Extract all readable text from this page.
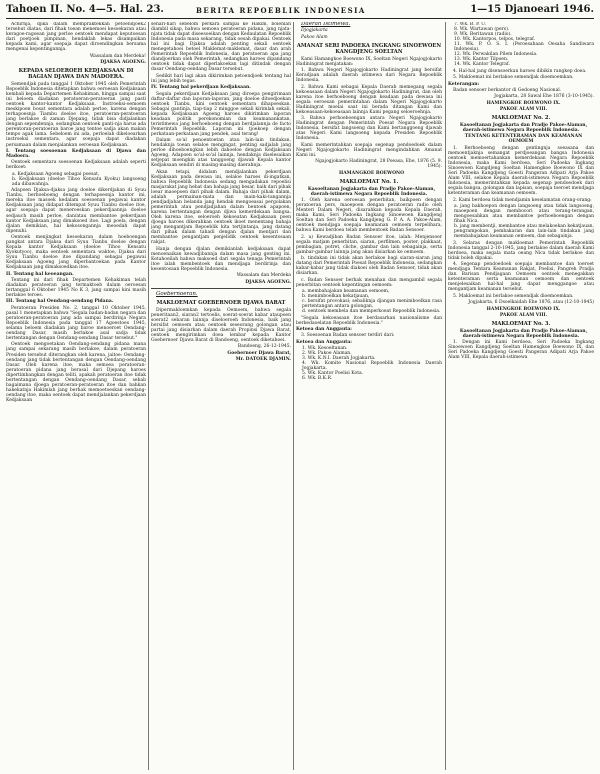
Tahoen II. No. 4—5. Hal. 23.	BERITA REPOEBLIK INDONESIA	1—15 Djanoeari 1946.

Achirnja, djika dalam mempraktekkan petoendjoek2 tersebut diatas, dari fihak toean menemoei kesoekaran atau keragoe-ragoean jang perloe oentoek mendapat keputoesan dari poetjoek pimpinan, hendaklah lekas disampaikan kepada kami, agar soepaja dapat diroendingkan bersama mengenai kepentingannja.

Wassalam dan Merdeka!

DJAKSA AGOENG.

KEPADA SELOEROEH KEDJAKSAAN DI BAGIAN DJAWA DAN MADOERA.

Semendjak pada tanggal 1 Oktober 1945 oleh Pemerintah Repoeblik Indonesia ditetapkan bahwa oeroesan Kedjaksaan kembali kepada Departemen Kehakiman, hingga sampai saat ini beloem diadakan peratoeran-peratoeran jang pasti oentoek kantor-kantor Kedjaksaan. Instroeksi-oemoem meskipoen bosat sementara adalah perloe, karena dengan terhapoesnja Tiambu doeloe itoe, peratoeran-peratoeran jang berlakoe di zaman Djepang, tidak bisa didjalankan dengan sependennja, sedangkan oentoek ganti-nja harus ada perentoran-peratoeran baroe jang tentoe sadja akan makan tempo agak lama. Sebeloem ini ada, perloelah dikeloearkan instroeksi sementara, agar soepaja dapat diadakan persamaan dalam menjalankan oeroesan Kedjaksaan.

I. Tentang soesoenan Kedjaksaan di Djawa dan Madoera.

Oentoek sementara soesoenan Kedjaksaan adalah seperti berikoet:

a. Kedjaksaan Agoeng sebagai poesat,
b. Kedjaksaan (doeloe Tihoo Kensatu Kyoku) langsoeng ada dibawahnja.

Adapoen Djaksa-djaksa jang doeloe dikerdjakan di Syuu Tianbu, berhoeboeng dengan terhapoesnja kantor ini, mereka itoe masoek kedalam soesoenan pegawai kantor Kedjaksaan jang didapat ditempat Syuu Tianbu doeloe itoe, agar soepaja dapat meneroeskan pekerdjaannja doeloe sedjauch masih perloe, dan/atau membantoe pekerdjaan kantor Kedjaksaan jang dimaksoed itoe. Lagi poela, dengan djalan demikian, hal kekosongannja meoedah dapat dipenuhi.

Oentoek menjingkat kesoekaran dalam hoeboengan pangkat antara Djaksa dari Syuu Tianbu doeloe dengan Kepala kantor Kedjaksaan (doeloe Tihoo Kensatu Kyokutyoo), maka oentoek sementara waktoe, Djaksa dari Syuu Tianbu doeloe itoe dipandang sebagai pegawai Kedjaksaan Agoeng jang diperbantoekan pada Kantor Kedjaksaan jang dimaksoedkan itoe.

II. Tentang hal keoeangan.

Tentang ini dari fihak Departemen Kehakiman telah diadakan peratoeran jang termaktoeb dalam oeroesan tertanggal 6 Oktober 1945 No K 3, jang sampai kini masih berlakoe teroes.

III. Tentang hal Oendang-oendang Pidana.

Peratoeran Presiden No. 2, tanggal 10 Oktober 1945, pasal 1 menetapkan bahwa "Segala badan-badan negara dan peratoeran-peratoeran jang ada sampai berdirinja Negara Repoeblik Indonesia pada tanggal 17 Agoestoes 1945, selama beloem diadakan jang baroe menoeroet Oendang-oendang Dasar, masih berlakoe asal sadja tidak bertentangan dengan Oendang-oendang Dasar tersebut."

Oentoek mengoetakan Oendang-oendang pidana mana jang sampai sekarang masih berlakoe, dalam peratoeran Presiden tersebut diterangkan oleh karena, jaitoe: Oendang-oendang jang tidak bertentangan dengan Oendang-oendang Dasar. Oleh karena itoe, maka semoea peratoeran-peratoeran pidana jang berasal dari Djepang haroes dipertimbangkan dengan teliti, apakah peratoeran itoe tidak bertentangan dengan Oendang-oendang Dasar, sebab bagaimana djoega peratoeran-peratoeran itoe dan bahkan hakekatnja Hakimlah jang berhak memoetoeskan oendang-oendang itoe, maka oentoek dapat mendjalankan pekerdjaan Kedjaksaan

sehari-hari sebelom perkara sampai ke Hakim, bolehlah diambil sikap, bahwa semoea peratoeran pidana, jang njata-njata tidak dapat diseesoeikan dengan Kedaulatan Repoeblik Indonesia pada masa sekarang, tidak oesah dipakai. Oentoek hal ini bagi Djaksa adalah penting sekali oentoek menegetahoei betoel Maklemat-maklemat, dasar dan arah Pemerintah Repoeblik Indonesia, dan peratoeran apa jang diandjoerkan oleh Pemerintah, sedangkan haroes dipandang oentoek tidak dapat diperlakoekan lagi ditindak dengan dasar Oendang-oendang Dasar tersebut.

Sedikit hari lagi akan dikirimkan petoendjoek tentang hal ini jang lebih tegas.

IV. Tentang hal pekerdjaan Kedjaksaan.

Segala pekerdjaan Kedjaksaan jang diroepa pengirimaan daftar-daftar dan laporan-laporan, jang doeloe ditoedjoekan oentoek Tianbu, kini oentoek sementara dihapoeskan. Sebagai gantinja, tiap-tiap 2 minggoe sekali kirimlah sekali, kepada Kedjaksaan Agoeng haroes dikirimkan laporan keadaan politik perekonomian dan keamanankatan, teristimewa jang berhoeboeng dengan berdjalannja de facto Pemerintah Repoeblik. Laporan ini tjoekoep dengan perkataan-perkataan jang pendek, asal terang!

Dalam so'al penoentoetan atau lain-lain tindakan, hendaknja toean selaloe mengingat, penting sadjalah jang perloe dihoeboengkan lebih dahoeloe dengan Kedjaksaan Agoeng. Adapoen so'al-so'al lainnja, hendaknja diselesaikan setjepat moengkin atas tanggoeng djawab Kepala kantor Kedjaksaan sendiri di masing-masing daerahnja.

Akan tetapi, didalam mendjalankan pekerdjaan Kedjaksaan pada dewasa ini, selaloe haroes di-ingatkan, bahwa Repoeblik Indonesia sedang mengadakan repoelisi masjarakat jang hebat dan bahaja jang besar, baik dari pihak loear maoepoen dari pihak dalam. Bahaja dari pihak dalam, adalah permainan-mata dan main-kaki-tangannja pendjadjahan belanda jang hendak mengoeasai pergolakan pemerintah atau pendjadjahan dalam bentoek apapoen, karena bertentangan dengan djiwa kemerdekaan bangsa. Oleh karena itoe, seloeroeh kekoeatan Kedjaksaan poen djoega haroes dikerahkan oentoek ikoet menentang bahaja jang mengantjam Repoeblik kita tertjintanja, jang datang dari pihak dalam tahadi dengan djalan mentjari dan membantoe pengantjam penjelidik oentoek kesentosaan rakjat.

Hanja dengan djalan demikianlah kedjaksaan dapat menoenaikan kewadjibannja dalam masa jang genting ini. Ketahoeilah bahwa maksoed dari segala tenaga Pemerintah itoe ialah membentoek dan mendjaga berdirinja dan kesentosaan Repoeblik Indonesia.

Wassalam dan Merdeka

DJAKSA AGOENG.

Goebernoeran.

MAKLOEMAT GOEBERNOER DJAWA BARAT

Dipermakloemkan kepada Oemoem, bahwa segala peneritaan2, siaran2 tertoelis, soerat-soerat kabar ataupoen soerat2 sebaran lainnja diseloeroeh Indonesia, baik jang bersifat oemoem atau oentoek seseorang golongan atau partai jang disiarkan dalam daerah Propinsi Djawa Barat, oentoek mengirimkan doea lembar kepada Kantor Goebernoer Djawa Barat di Bandoeng, oentoek diketahoei.

Bandoeng, 26-12-1945.

Goebernoer Djawa Barat,

Mr. DATOEK DJAMIN.

Daerah Istimewa.

Djogjakarta

Pakoe Alam

AMANAT SERI PADOEKA INGKANG SINOEWOEN KANGDJENG SOELTAN

Kami Hamangkoe Boewono IX, Soeltan Negeri Ngajogjokarto Hadiningrat menjatakan:

1. Bahwa Negeri Ngajogjokarto Hadiningrat jang bersifat Keradjaan adalah daerah istimewa dari Negara Repoeblik Indonesia.

2. Bahwa Kami sebagai Kepala Daerah memegang segala kekoeasaan dalam Negeri Ngajogjokarto Hadiningrat, dan oleh karena itoe berhoeboeng dengan keadaan pada dewasa ini segala oeroesan pemerintahan dalam Negeri Ngajogjokarto Hadiningrat moelai saat ini berada ditangan Kami dan kekoeasaan-kekoeasaan lainnja Kami pegang seloeroehnja.

3. Bahwa perhoeboengan antara Negeri Ngajogjokarto Hadiningrat dengan Pemerintah Poesat Negara Repoeblik Indonesia, bersifat langsoeng dan Kami bertanggoeng djawab atas Negeri Kami langsoeng kepada Presiden Repoeblik Indonesia.

Kami memerintahkan soepaja segenap pendoedoek dalam Negeri Ngajogjokarto Hadiningrat mengindahkan Amanat Kami ini.

Ngajogjokarto Hadiningrat, 28 Poeasa, Ehe, 1876 (5. 9. 1945).

HAMANGKOE BOEWONO

MAKLOEMAT No. 1.

Kasoeltanan Jogjakarta dan Pradjo Pakoe-Alaman, daerah-istimewa Negara Repoeblik Indonesia.

1. Oleh karena oeroesan penerbitan, baikpoen dengan peratoeran pers, maoepoen dengan peratoeran radio oleh Menteri Dalam Negeri, disarahkan kepada Kepala Daerah, maka Kami, Seri Padoeka Ingkang Sinoewoen Kangdjeng Soeltan dan Seri Padoeka Kangdjeng G. P. A. A. Pakoe-Alam, oentoek mendjaga soepaja keamanan oemoem terpelihara, bahwa Kami berdoea telah membentoek Badan Sensoer.

2. a) Kewadjiban Badan Sensoer itoe, ialah: Menjensoer segala matjam penerbitan, siaran, perfilmen, poster, plakkaat, pembagian, potret, cliche, gambar dan lain sebagainja, serta gambar-gambar lainnja jang akan disiarkan ke oemoem.

b. tindakan ini tidak akan berlakoe bagi siaran-siaran jang datang dari Pemerintah Poesat Repoeblik Indonesia, sedangkan kabar-kabar jang tidak diakoei oleh Badan Sensoer, tidak akan disiarkan.

c. Badan Sensoer berhak menahan dan mengambil segala penerbitan oentoek kepentingan oemoem:

a. membahajakan keamanan oemoem,
b. menimboelkan kekatjauan,
c. bersifat provokasi; sebaliknja djangan menimboelkan rasa pertentangan antara golongan,
d. oentoek membela dan memperkoeat Repoeblik Indonesia.

"Segala kekoeasaan itoe berdasarkan nasionalisme dan berkedaoelatan Repoeblik Indonesia."

Ketoea dan Anggauta:

3. Soesoenan Badan sensoer terdiri dari:

Ketoea dan Anggauta:

1. Wk. Kesoeltanan.
2. Wk. Pakoe Alaman.
3. Wk. K.N.I. Daerah Jogjakarta.
4. Wk. Komite Nasional Repoeblik Indonesia Daerah Jogjakarta.
5. Wk. Kantor Poelisi Kota.
6. Wk. B.K.R.
7. Wk. B. P. U.
8. Wk. Wartawan (pers).
9. Wk. Beritawan (radio).
10. Wk. Kantorpos, telpos, telegraf.
11. Wk. P. O. S. I. (Peroesahaan Oesaha Sandiwara Indonesia).
12. Wk. Perwakilan Pilem Indonesia.
13. Wk. Kantor Tilpoen.
14. Wk. Kantor Telegraf.

4. Hal-hal jang disensoerkan haroes dibikin rangkep doea.

5. Makloemat ini berlakoe semendjak dioemoemkan.

Keterangan:

Badan sensoer berkantor di Gedoeng Nasional.

Jogjakarta, 28 Sawal Ehe 1876 (3-10-1945).

HAMENGKOE BOEWONO IX.

PAKOE ALAM VIII.

MAKLOEMAT No. 2.

Kasoeltanan Jogjakarta dan Pradjo Pakoe-Alaman, daerah-istimewa Negara Repoeblik Indonesia.

TENTANG KETENTERAMAN DAN KEAMANAN OEMOEM

1. Berhoeboeng dengan gentingnja soeasana dan memoentjaknja semangat perdjoeangan bangsa Indonesia oentoek memoertahankan kemerdekaan Negara Repoeblik Indonesia, maka Kami berdoea, Seri Padoeka Ingkang Sinoewoen Kangdjeng Soeltan Hamengkoe Boewono IX dan Seri Padoeka Kangdjeng Goesti Pangeran Adipati Arja Pakoe Alam VIII, selakoe Kepala daerah-istimewa Negara Repoeblik Indonesia, memerintahkan kepada segenap pendoedoek dari segala bangsa, golongan dan lapisan, soepaja toeroet mendjaga ketenteraman dan keamanan oemoem.

2. Kami berdoea tidak mendjamin keselamatan orang-orang:

a. jang bakhoepon dengan langsoeng atau tidak langsoeng, maoepoen dengan membocori atau terang-terangan, mengoesahkan atau membantoe perhoeboengan dengan fihak Nica.
b. jang membentji, membantoe atau melakoekan kekatjauan, pengrampokan, pembakaran dan lain-lain tindakan jang membahajakan keamanan oemoem, dan sebagainja.

3. Selaras dengan makloemat Pemerintah Repoeblik Indonesia tanggal 2-10-1945, jang berlakoe dalam daerah Kami berdoea, maka segala mata oeang Nica tidak berlakoe dan tidak boleh dipakai.

4. Segenap pendoedoek soepaja membantoe dan toeroet mendjaga Tentara Keamanan Rakjat, Poelisi, Pangreh Pradja dan Barisan Pendjagaan Oemoem oentoek menegakkan ketenteraman serta keamanan oemoem dan oentoek menjelesaikan hal-hal jang dapat menggangoe atau mengantjam keamanan tersebut.

5. Makloemat ini berlakoe semendjak dioemoemkan.

Jogjakarta, 6 Dsoelkaidah Ehe 1876, atau (12-10-1945)

HAMENGKOE BOEWONO IX.

PAKOE ALAM VIII.

MAKLOEMAT No. 3.

Kasoeltanan Jogjakarta dan Pradjo Pakoe-Alaman, daerah-istimewa Negara Repoeblik Indonesia.

1. Dengan ini Kami berdoea, Seri Padoeka Ingkang Sinoewoen Kangdjeng Soeltan Hamengkoe Boewono IX, dan Seri Padoeka Kangdjeng Goesti Pangeran Adipati Arja Pakoe Alam VIII, Kepala daerah-istimewa
